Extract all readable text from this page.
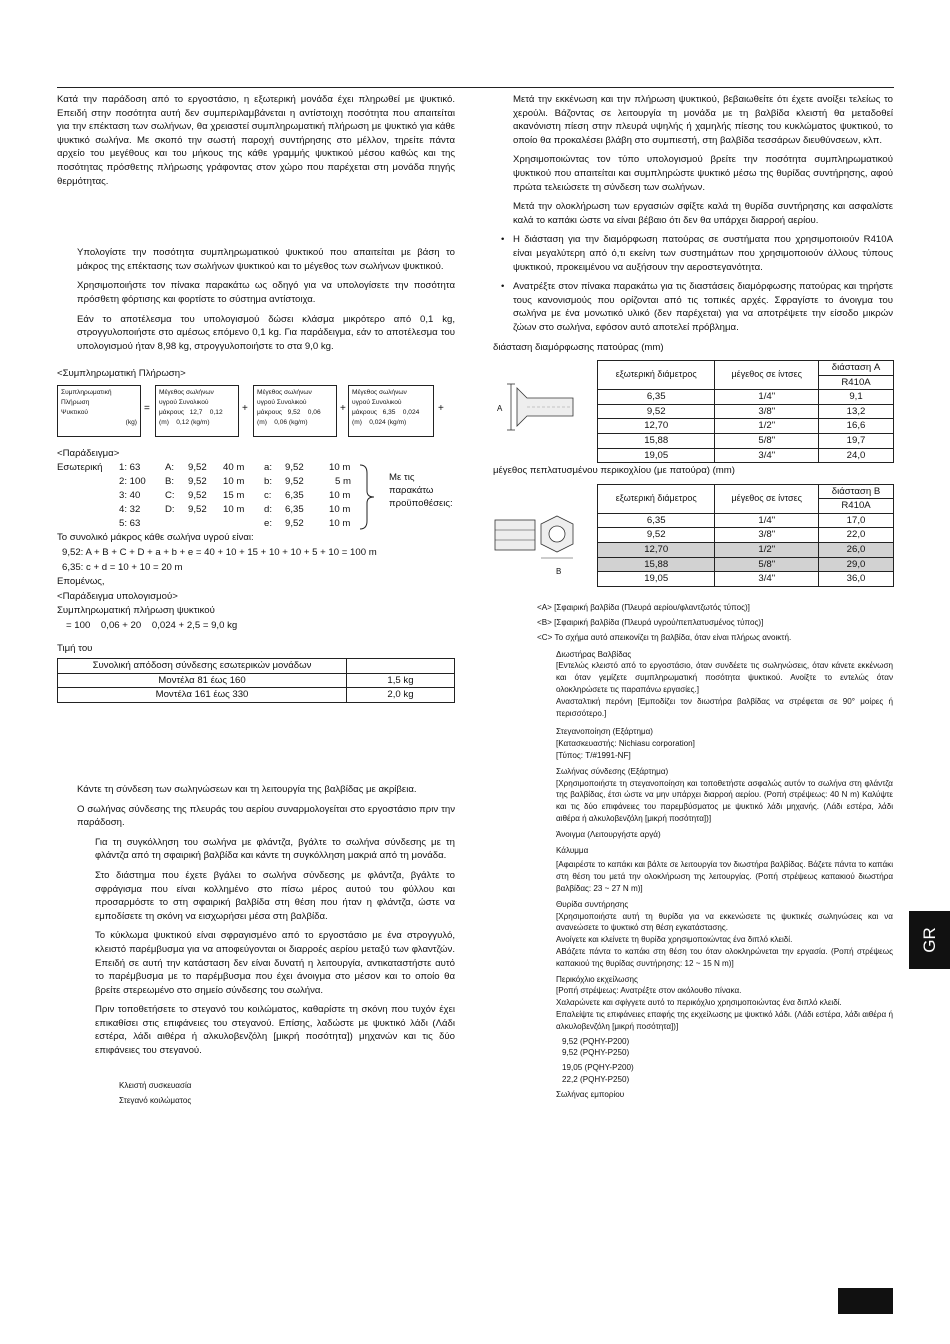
Κατά την παράδοση από το εργοστάσιο, η εξωτερική μονάδα έχει πληρωθεί με ψυκτικό. Επειδή στην ποσότητα αυτή δεν συμπεριλαμβάνεται η αντίστοιχη ποσότητα που απαιτείται για την επέκταση των σωλήνων, θα χρειαστεί συμπληρωματική πλήρωση με ψυκτικό για κάθε ψυκτικό σωλήνα. Με σκοπό την σωστή παροχή συντήρησης στο μέλλον, τηρείτε πάντα αρχείο του μεγέθους και του μήκους της κάθε γραμμής ψυκτικού μέσου καθώς και της ποσότητας πρόσθετης πλήρωσης γράφοντας στον χώρο που παρέχεται στη μονάδα πηγής θερμότητας.

Υπολογίστε την ποσότητα συμπληρωματικού ψυκτικού που απαιτείται με βάση το μάκρος της επέκτασης των σωλήνων ψυκτικού και το μέγεθος των σωλήνων ψυκτικού.

Χρησιμοποιήστε τον πίνακα παρακάτω ως οδηγό για να υπολογίσετε την ποσότητα πρόσθετη φόρτισης και φορτίστε το σύστημα αντίστοιχα.

Εάν το αποτέλεσμα του υπολογισμού δώσει κλάσμα μικρότερο από 0,1 kg, στρογγυλοποιήστε στο αμέσως επόμενο 0,1 kg. Για παράδειγμα, εάν το αποτέλεσμα του υπολογισμού ήταν 8,98 kg, στρογγυλοποιήστε το στα 9,0 kg.

<Συμπληρωματική Πλήρωση>
Συμπληρωματική
Πλήρωση
Ψυκτικού
(kg)
=
Μέγεθος σωλήνων
υγρού Συνολικού
μάκρους 12,7 0,12
(m) 0,12 (kg/m)
+
Μέγεθος σωλήνων
υγρού Συνολικού
μάκρους 9,52 0,06
(m) 0,06 (kg/m)
+
Μέγεθος σωλήνων
υγρού Συνολικού
μάκρους 6,35 0,024
(m) 0,024 (kg/m)
+
<Παράδειγμα>
Εσωτερική 1: 63	A: 9,52 40 m a: 9,52	10 m
2: 100 B: 9,52 10 m b: 9,52	5 m
3: 40	C: 9,52 15 m c: 6,35	10 m
4: 32	D: 9,52 10 m d: 6,35	10 m
5: 63	e: 9,52	10 m
Με τις
παρακάτω
προϋποθέσεις:
Το συνολικό μάκρος κάθε σωλήνα υγρού είναι:
9,52: A + B + C + D + a + b + e = 40 + 10 + 15 + 10 + 10 + 5 + 10 = 100 m
6,35: c + d = 10 + 10 = 20 m
Επομένως,
<Παράδειγμα υπολογισμού>
Συμπληρωματική πλήρωση ψυκτικού
= 100    0,06 + 20    0,024 + 2,5 = 9,0 kg
Τιμή του
Συνολική απόδοση σύνδεσης εσωτερικών μονάδων	
Μοντέλα 81 έως 160	1,5 kg
Μοντέλα 161 έως 330	2,0 kg

Κάντε τη σύνδεση των σωληνώσεων και τη λειτουργία της βαλβίδας με ακρίβεια.

Ο σωλήνας σύνδεσης της πλευράς του αερίου συναρμολογείται στο εργοστάσιο πριν την παράδοση.

Για τη συγκόλληση του σωλήνα με φλάντζα, βγάλτε το σωλήνα σύνδεσης με τη φλάντζα από τη σφαιρική βαλβίδα και κάντε τη συγκόλληση μακριά από τη μονάδα.

Στο διάστημα που έχετε βγάλει το σωλήνα σύνδεσης με φλάντζα, βγάλτε το σφράγισμα που είναι κολλημένο στο πίσω μέρος αυτού του φύλλου και προσαρμόστε το στη σφαιρική βαλβίδα στη θέση που ήταν η φλάντζα, ώστε να εμποδίσετε τη σκόνη να εισχωρήσει μέσα στη βαλβίδα.

Το κύκλωμα ψυκτικού είναι σφραγισμένο από το εργοστάσιο με ένα στρογγυλό, κλειστό παρέμβυσμα για να αποφεύγονται οι διαρροές αερίου μεταξύ των φλαντζών. Επειδή σε αυτή την κατάσταση δεν είναι δυνατή η λειτουργία, αντικαταστήστε αυτό το παρέμβυσμα με το παρέμβυσμα που έχει άνοιγμα στο μέσον και το οποίο θα βρείτε στερεωμένο στο σημείο σύνδεσης του σωλήνα.

Πριν τοποθετήσετε το στεγανό του κοιλώματος, καθαρίστε τη σκόνη που τυχόν έχει επικαθίσει στις επιφάνειες του στεγανού. Επίσης, λαδώστε με ψυκτικό λάδι (Λάδι εστέρα, λάδι αιθέρα ή αλκυλοβενζόλη [μικρή ποσότητα]) μηχανών και τις δύο επιφάνειες του στεγανού.

Κλειστή συσκευασία
Στεγανό κοιλώματος

Μετά την εκκένωση και την πλήρωση ψυκτικού, βεβαιωθείτε ότι έχετε ανοίξει τελείως το χερούλι. Βάζοντας σε λειτουργία τη μονάδα με τη βαλβίδα κλειστή θα μεταδοθεί ακανόνιστη πίεση στην πλευρά υψηλής ή χαμηλής πίεσης του κυκλώματος ψυκτικού, το οποίο θα προκαλέσει βλάβη στο συμπιεστή, στη βαλβίδα τεσσάρων διευθύνσεων, κλπ.

Χρησιμοποιώντας τον τύπο υπολογισμού βρείτε την ποσότητα συμπληρωματικού ψυκτικού που απαιτείται και συμπληρώστε ψυκτικό μέσω της θυρίδας συντήρησης, αφού πρώτα τελειώσετε τη σύνδεση των σωλήνων.

Μετά την ολοκλήρωση των εργασιών σφίξτε καλά τη θυρίδα συντήρησης και ασφαλίστε καλά το καπάκι ώστε να είναι βέβαιο ότι δεν θα υπάρχει διαρροή αερίου.

• Η διάσταση για την διαμόρφωση πατούρας σε συστήματα που χρησιμοποιούν R410A είναι μεγαλύτερη από ό,τι εκείνη των συστημάτων που χρησιμοποιούν άλλους τύπους ψυκτικού, προκειμένου να αυξήσουν την αεροστεγανότητα.

• Ανατρέξτε στον πίνακα παρακάτω για τις διαστάσεις διαμόρφωσης πατούρας και τηρήστε τους κανονισμούς που ορίζονται από τις τοπικές αρχές. Σφραγίστε το άνοιγμα του σωλήνα με ένα μονωτικό υλικό (δεν παρέχεται) για να αποτρέψετε την είσοδο μικρών ζώων στο σωλήνα, εφόσον αυτό αποτελεί πρόβλημα.

διάσταση διαμόρφωσης πατούρας (mm)
A
εξωτερική διάμετρος	μέγεθος σε ίντσες	διάσταση A
		R410A
6,35	1/4"	9,1
9,52	3/8"	13,2
12,70	1/2"	16,6
15,88	5/8"	19,7
19,05	3/4"	24,0
μέγεθος πεπλατυσμένου περικοχλίου (με πατούρα) (mm)
B
εξωτερική διάμετρος	μέγεθος σε ίντσες	διάσταση B
		R410A
6,35	1/4"	17,0
9,52	3/8"	22,0
12,70	1/2"	26,0
15,88	5/8"	29,0
19,05	3/4"	36,0
<A> [Σφαιρική βαλβίδα (Πλευρά αερίου/φλαντζωτός τύπος)]
<B> [Σφαιρική βαλβίδα (Πλευρά υγρού/πεπλατυσμένος τύπος)]
<C> Το σχήμα αυτό απεικονίζει τη βαλβίδα, όταν είναι πλήρως ανοικτή.
Διωστήρας Βαλβίδας
[Εντελώς κλειστό από το εργοστάσιο, όταν συνδέετε τις σωληνώσεις, όταν κάνετε εκκένωση και όταν γεμίζετε συμπληρωματική ποσότητα ψυκτικού. Ανοίξτε το εντελώς όταν ολοκληρώσετε τις παραπάνω εργασίες.]
Ανασταλτική περόνη [Εμποδίζει τον διωστήρα βαλβίδας να στρέφεται σε 90° μοίρες ή περισσότερο.]
Στεγανοποίηση (Εξάρτημα)
[Κατασκευαστής: Nichiasu corporation]
[Τύπος: T/#1991-NF]
Σωλήνας σύνδεσης (Εξάρτημα)
[Χρησιμοποιήστε τη στεγανοποίηση και τοποθετήστε ασφαλώς αυτόν το σωλήνα στη φλάντζα της βαλβίδας, έτσι ώστε να μην υπάρχει διαρροή αερίου. (Ροπή στρέψεως: 40 N m) Καλύψτε και τις δύο επιφάνειες του παρεμβύσματος με ψυκτικό λάδι μηχανής. (Λάδι εστέρα, λάδι αιθέρα ή αλκυλοβενζόλη [μικρή ποσότητα])]
Άνοιγμα (Λειτουργήστε αργά)
Κάλυμμα
[Αφαιρέστε το καπάκι και βάλτε σε λειτουργία τον διωστήρα βαλβίδας. Βάζετε πάντα το καπάκι στη θέση του μετά την ολοκλήρωση της λειτουργίας. (Ροπή στρέψεως καπακιού διωστήρα βαλβίδας: 23 ~ 27 N m)]
Θυρίδα συντήρησης
[Χρησιμοποιήστε αυτή τη θυρίδα για να εκκενώσετε τις ψυκτικές σωληνώσεις και να ανανεώσετε το ψυκτικό στη θέση εγκατάστασης.
Ανοίγετε και κλείνετε τη θυρίδα χρησιμοποιώντας ένα διπλό κλειδί.
ΑΒάζετε πάντα το καπάκι στη θέση του όταν ολοκληρώνεται την εργασία. (Ροπή στρέψεως καπακιού της θυρίδας συντήρησης: 12 ~ 15 N m)]
Περικόχλιο εκχείλωσης
[Ροπή στρέψεως: Ανατρέξτε στον ακόλουθο πίνακα.
Χαλαρώνετε και σφίγγετε αυτό το περικόχλιο χρησιμοποιώντας ένα διπλό κλειδί.
Επαλείψτε τις επιφάνειες επαφής της εκχείλωσης με ψυκτικό λάδι. (Λάδι εστέρα, λάδι αιθέρα ή αλκυλοβενζόλη [μικρή ποσότητα])]
9,52 (PQHY-P200)
9,52 (PQHY-P250)
19,05 (PQHY-P200)
22,2 (PQHY-P250)
Σωλήνας εμπορίου
GR
